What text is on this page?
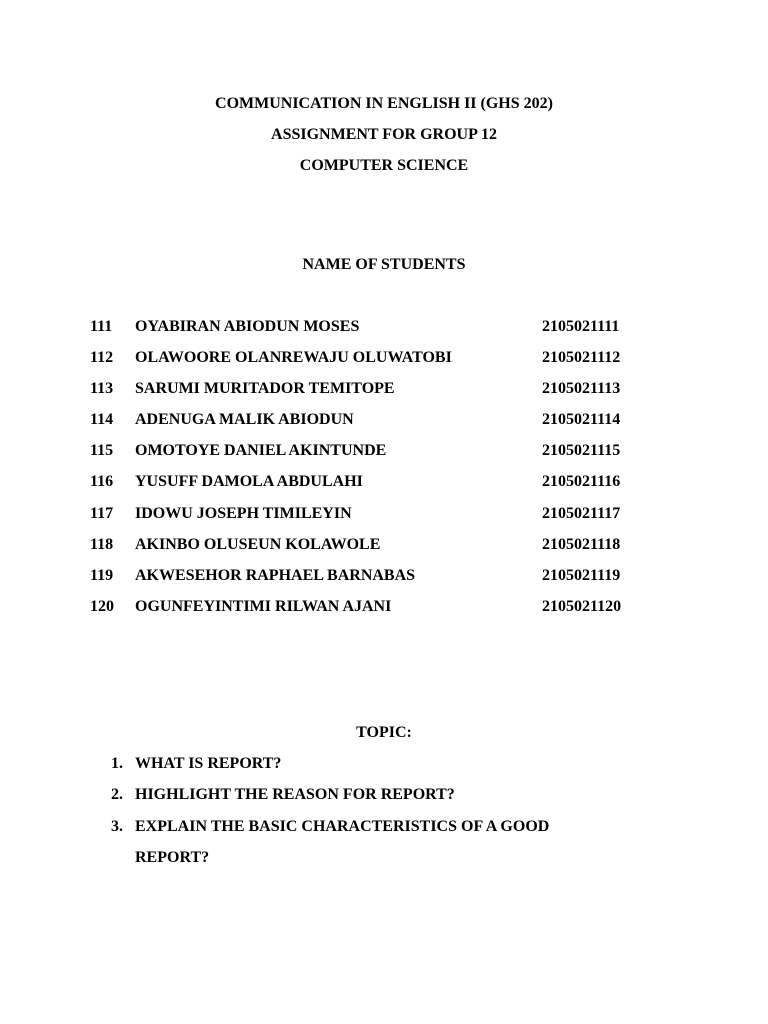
COMMUNICATION IN ENGLISH II (GHS 202)
ASSIGNMENT FOR GROUP 12
COMPUTER SCIENCE
NAME OF STUDENTS
111 OYABIRAN ABIODUN MOSES	2105021111
112 OLAWOORE OLANREWAJU OLUWATOBI	2105021112
113 SARUMI MURITADOR TEMITOPE	2105021113
114 ADENUGA MALIK ABIODUN	2105021114
115 OMOTOYE DANIEL AKINTUNDE	2105021115
116 YUSUFF DAMOLA ABDULAHI	2105021116
117 IDOWU JOSEPH TIMILEYIN	2105021117
118 AKINBO OLUSEUN KOLAWOLE	2105021118
119 AKWESEHOR RAPHAEL BARNABAS	2105021119
120 OGUNFEYINTIMI RILWAN AJANI	2105021120
TOPIC:
1. WHAT IS REPORT?
2. HIGHLIGHT THE REASON FOR REPORT?
3. EXPLAIN THE BASIC CHARACTERISTICS OF A GOOD
REPORT?
